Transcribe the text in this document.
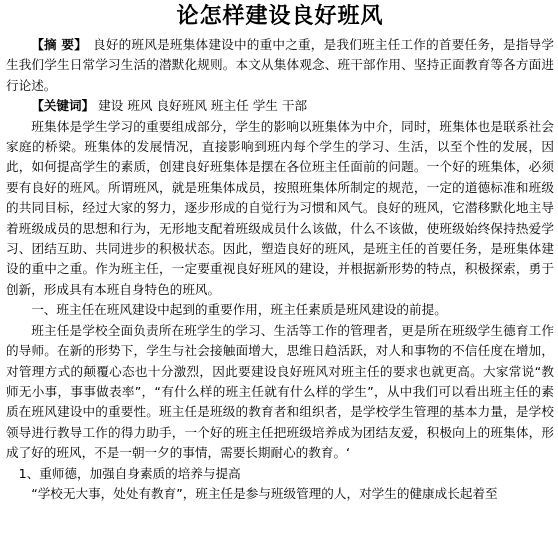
论怎样建设良好班风

【摘 要】 良好的班风是班集体建设中的重中之重，是我们班主任工作的首要任务，是指导学生我们学生日常学习生活的潜默化规则。本文从集体观念、班干部作用、坚持正面教育等各方面进行论述。

【关键词】 建设 班风 良好班风 班主任 学生 干部

班集体是学生学习的重要组成部分，学生的影响以班集体为中介，同时，班集体也是联系社会家庭的桥梁。班集体的发展情况，直接影响到班内每个学生的学习、生活，以至个性的发展，因此，如何提高学生的素质，创建良好班集体是摆在各位班主任面前的问题。一个好的班集体，必须要有良好的班风。所谓班风，就是班集体成员，按照班集体所制定的规范，一定的道德标准和班级的共同目标，经过大家的努力，逐步形成的自觉行为习惯和风气。良好的班风，它潜移默化地主导着班级成员的思想和行为，无形地支配着班级成员什么该做，什么不该做，使班级始终保持热爱学习、团结互助、共同进步的积极状态。因此，塑造良好的班风，是班主任的首要任务，是班集体建设的重中之重。作为班主任，一定要重视良好班风的建设，并根据新形势的特点，积极探索，勇于创新，形成具有本班自身特色的班风。

一、班主任在班风建设中起到的重要作用，班主任素质是班风建设的前提。

班主任是学校全面负责所在班学生的学习、生活等工作的管理者，更是所在班级学生德育工作的导师。在新的形势下，学生与社会接触面增大，思维日趋活跃，对人和事物的不信任度在增加，对管理方式的颠覆心态也十分激烈，因此要建设良好班风对班主任的要求也就更高。大家常说“教师无小事，事事做表率”，“有什么样的班主任就有什么样的学生”，从中我们可以看出班主任的素质在班风建设中的重要性。班主任是班级的教育者和组织者，是学校学生管理的基本力量，是学校领导进行教导工作的得力助手，一个好的班主任把班级培养成为团结友爱，积极向上的班集体，形成了好的班风，不是一朝一夕的事情，需要长期耐心的教育。‘

1、重师德，加强自身素质的培养与提高

“学校无大事，处处有教育”，班主任是参与班级管理的人，对学生的健康成长起着至
